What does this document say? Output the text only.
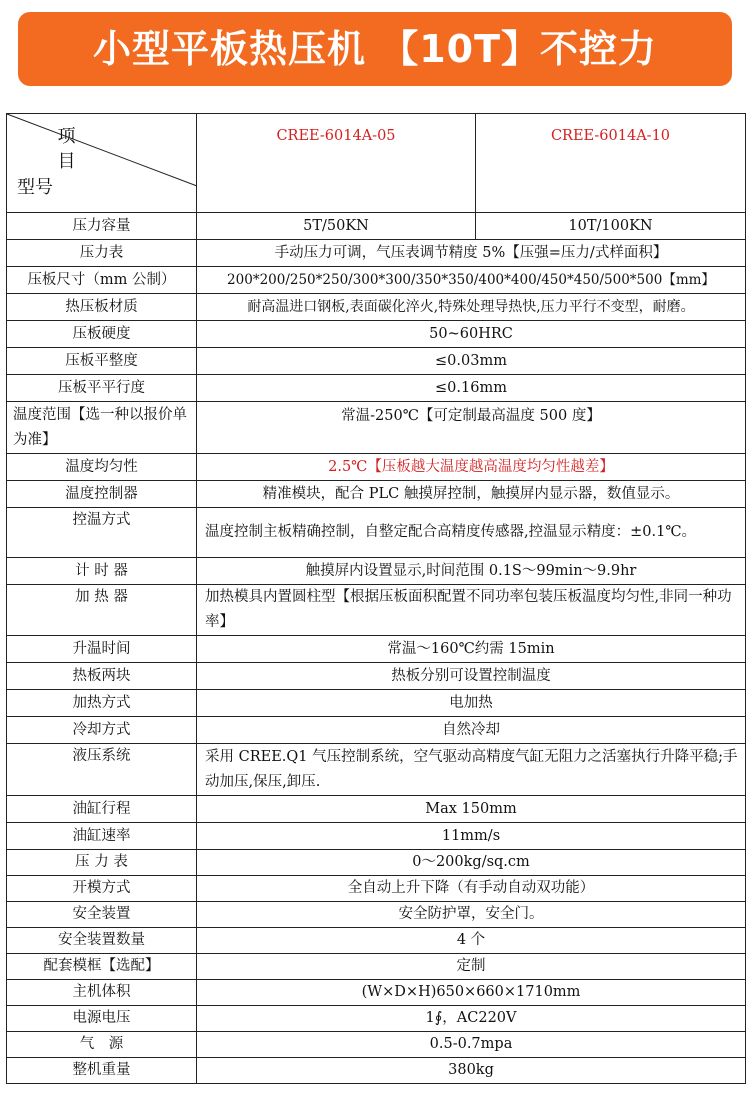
小型平板热压机 【10T】不控力
项　目
型号	CREE-6014A-05	CREE-6014A-10
压力容量	5T/50KN	10T/100KN
压力表	手动压力可调，气压表调节精度 5%【压强=压力/式样面积】	
压板尺寸（mm 公制）	200*200/250*250/300*300/350*350/400*400/450*450/500*500【mm】	
热压板材质	耐高温进口钢板,表面碳化淬火,特殊处理导热快,压力平行不变型，耐磨。	
压板硬度	50~60HRC	
压板平整度	≤0.03mm	
压板平平行度	≤0.16mm	
温度范围【选一种以报价单为准】	常温-250℃【可定制最高温度 500 度】	
温度均匀性	2.5℃【压板越大温度越高温度均匀性越差】	
温度控制器	精准模块，配合 PLC 触摸屏控制，触摸屏内显示器，数值显示。	
控温方式	温度控制主板精确控制，自整定配合高精度传感器,控温显示精度：±0.1℃。	
计 时 器	触摸屏内设置显示,时间范围 0.1S～99min～9.9hr	
加 热 器	加热模具内置圆柱型【根据压板面积配置不同功率包装压板温度均匀性,非同一种功率】	
升温时间	常温～160℃约需 15min	
热板两块	热板分别可设置控制温度	
加热方式	电加热	
冷却方式	自然冷却	
液压系统	采用 CREE.Q1 气压控制系统，空气驱动高精度气缸无阻力之活塞执行升降平稳;手动加压,保压,卸压.	
油缸行程	Max 150mm	
油缸速率	11mm/s	
压 力 表	0～200kg/sq.cm	
开模方式	全自动上升下降（有手动自动双功能）	
安全装置	安全防护罩，安全门。	
安全装置数量	4 个	
配套模框【选配】	定制	
主机体积	(W×D×H)650×660×1710mm	
电源电压	1∮，AC220V	
气　源	0.5-0.7mpa	
整机重量	380kg	
